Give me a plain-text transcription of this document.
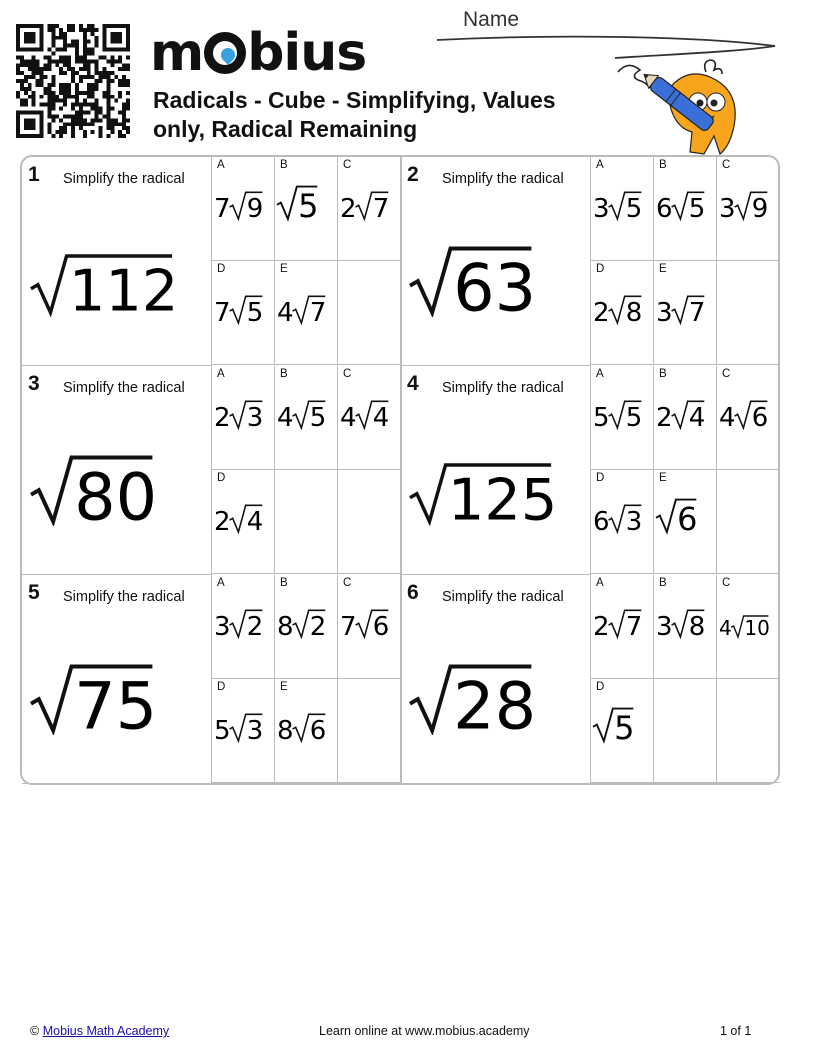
m bius
Radicals - Cube - Simplifying, Values only, Radical Remaining
Name
1 Simplify the radical
112
A
7 9
B
5
C
2 7
D
7 5
E
4 7
2 Simplify the radical
63
A
3 5
B
6 5
C
3 9
D
2 8
E
3 7
3 Simplify the radical
80
A
2 3
B
4 5
C
4 4
D
2 4
4 Simplify the radical
125
A
5 5
B
2 4
C
4 6
D
6 3
E
6
5 Simplify the radical
75
A
3 2
B
8 2
C
7 6
D
5 3
E
8 6
6 Simplify the radical
28
A
2 7
B
3 8
C
4 10
D
5
© Mobius Math Academy	Learn online at www.mobius.academy	1 of 1
